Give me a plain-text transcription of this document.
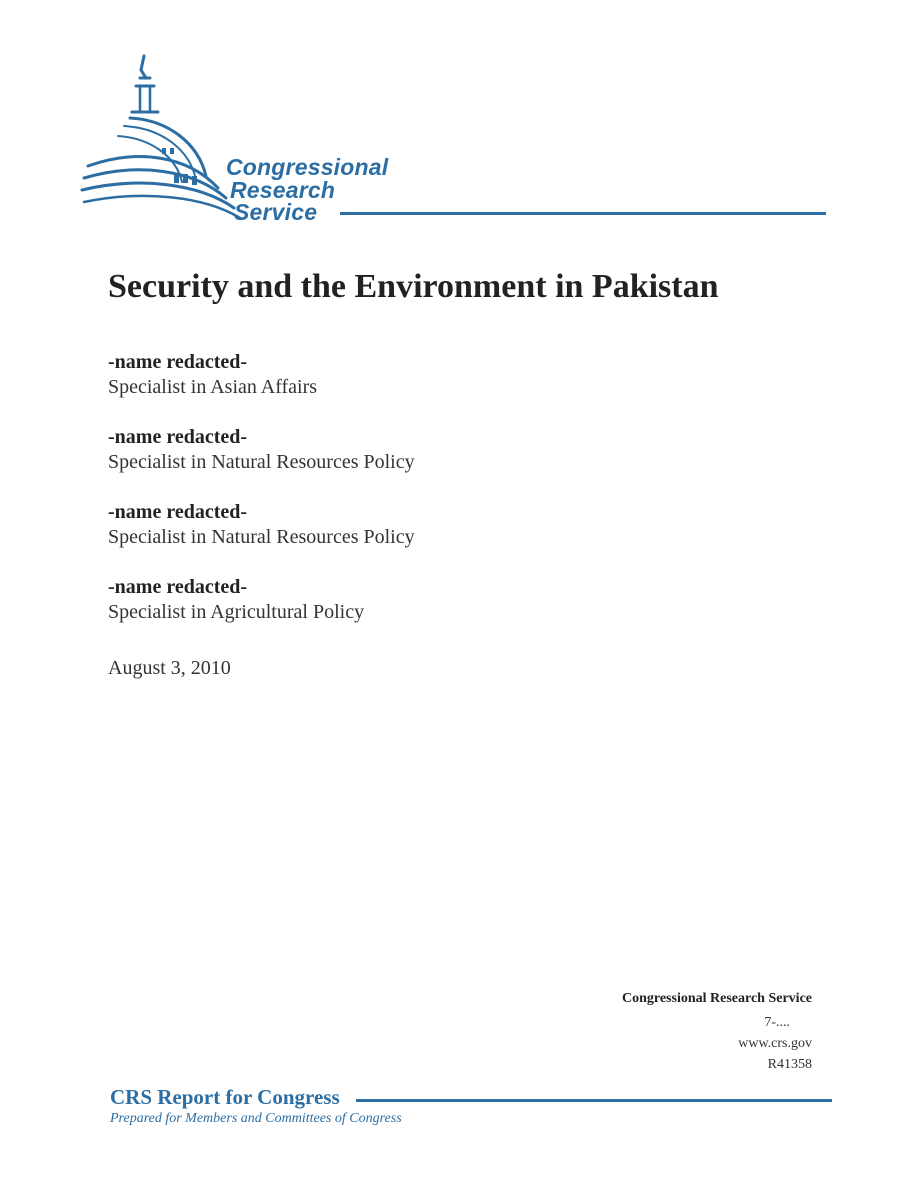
Congressional
Research
Service
Security and the Environment in Pakistan
-name redacted-
Specialist in Asian Affairs
-name redacted-
Specialist in Natural Resources Policy
-name redacted-
Specialist in Natural Resources Policy
-name redacted-
Specialist in Agricultural Policy
August 3, 2010
Congressional Research Service
7-....
www.crs.gov
R41358
CRS Report for Congress
Prepared for Members and Committees of Congress
